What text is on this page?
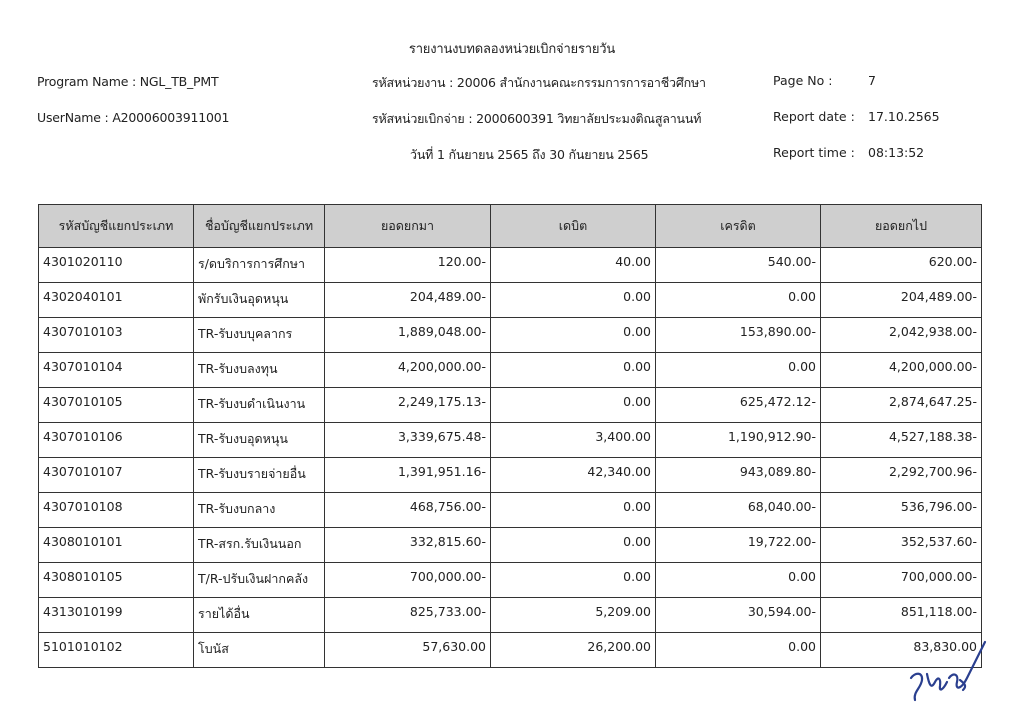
รายงานงบทดลองหน่วยเบิกจ่ายรายวัน
Program Name : NGL_TB_PMT
UserName : A20006003911001
รหัสหน่วยงาน : 20006 สำนักงานคณะกรรมการการอาชีวศึกษา
รหัสหน่วยเบิกจ่าย : 2000600391 วิทยาลัยประมงติณสูลานนท์
วันที่ 1 กันยายน 2565 ถึง 30 กันยายน 2565
Page No :	7
Report date : 17.10.2565
Report time : 08:13:52
รหัสบัญชีแยกประเภท	ชื่อบัญชีแยกประเภท	ยอดยกมา	เดบิต	เครดิต	ยอดยกไป
4301020110	ร/ดบริการการศึกษา	120.00-	40.00	540.00-	620.00-
4302040101	พักรับเงินอุดหนุน	204,489.00-	0.00	0.00	204,489.00-
4307010103	TR-รับงบบุคลากร	1,889,048.00-	0.00	153,890.00-	2,042,938.00-
4307010104	TR-รับงบลงทุน	4,200,000.00-	0.00	0.00	4,200,000.00-
4307010105	TR-รับงบดำเนินงาน	2,249,175.13-	0.00	625,472.12-	2,874,647.25-
4307010106	TR-รับงบอุดหนุน	3,339,675.48-	3,400.00	1,190,912.90-	4,527,188.38-
4307010107	TR-รับงบรายจ่ายอื่น	1,391,951.16-	42,340.00	943,089.80-	2,292,700.96-
4307010108	TR-รับงบกลาง	468,756.00-	0.00	68,040.00-	536,796.00-
4308010101	TR-สรก.รับเงินนอก	332,815.60-	0.00	19,722.00-	352,537.60-
4308010105	T/R-ปรับเงินฝากคลัง	700,000.00-	0.00	0.00	700,000.00-
4313010199	รายได้อื่น	825,733.00-	5,209.00	30,594.00-	851,118.00-
5101010102	โบนัส	57,630.00	26,200.00	0.00	83,830.00
